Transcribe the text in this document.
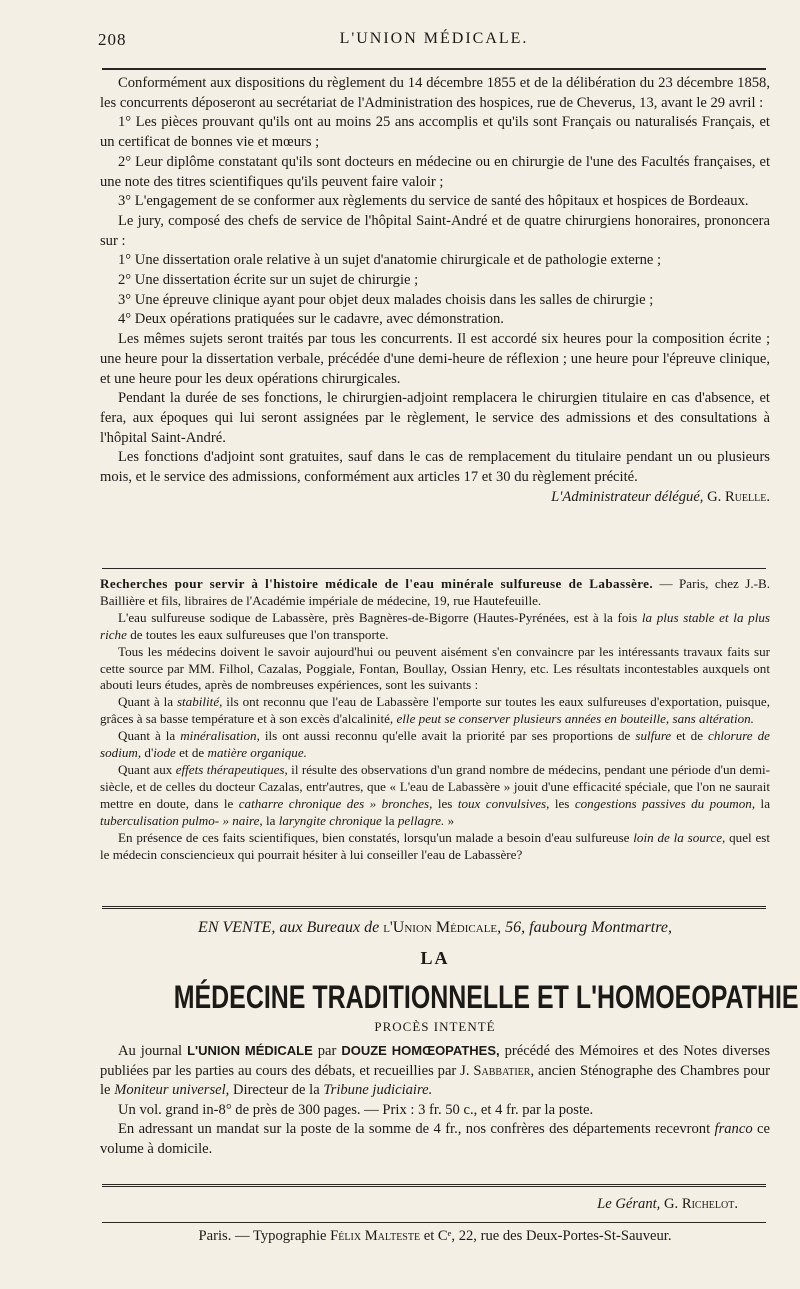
208	L'UNION MÉDICALE.

Conformément aux dispositions du règlement du 14 décembre 1855 et de la délibération du 23 décembre 1858, les concurrents déposeront au secrétariat de l'Administration des hospices, rue de Cheverus, 13, avant le 29 avril :

1° Les pièces prouvant qu'ils ont au moins 25 ans accomplis et qu'ils sont Français ou naturalisés Français, et un certificat de bonnes vie et mœurs ;

2° Leur diplôme constatant qu'ils sont docteurs en médecine ou en chirurgie de l'une des Facultés françaises, et une note des titres scientifiques qu'ils peuvent faire valoir ;

3° L'engagement de se conformer aux règlements du service de santé des hôpitaux et hospices de Bordeaux.

Le jury, composé des chefs de service de l'hôpital Saint-André et de quatre chirurgiens honoraires, prononcera sur :

1° Une dissertation orale relative à un sujet d'anatomie chirurgicale et de pathologie externe ;

2° Une dissertation écrite sur un sujet de chirurgie ;

3° Une épreuve clinique ayant pour objet deux malades choisis dans les salles de chirurgie ;

4° Deux opérations pratiquées sur le cadavre, avec démonstration.

Les mêmes sujets seront traités par tous les concurrents. Il est accordé six heures pour la composition écrite ; une heure pour la dissertation verbale, précédée d'une demi-heure de réflexion ; une heure pour l'épreuve clinique, et une heure pour les deux opérations chirurgicales.

Pendant la durée de ses fonctions, le chirurgien-adjoint remplacera le chirurgien titulaire en cas d'absence, et fera, aux époques qui lui seront assignées par le règlement, le service des admissions et des consultations à l'hôpital Saint-André.

Les fonctions d'adjoint sont gratuites, sauf dans le cas de remplacement du titulaire pendant un ou plusieurs mois, et le service des admissions, conformément aux articles 17 et 30 du règlement précité.

L'Administrateur délégué, G. Ruelle.

Recherches pour servir à l'histoire médicale de l'eau minérale sulfureuse de Labassère. — Paris, chez J.-B. Baillière et fils, libraires de l'Académie impériale de médecine, 19, rue Hautefeuille.

L'eau sulfureuse sodique de Labassère, près Bagnères-de-Bigorre (Hautes-Pyrénées, est à la fois la plus stable et la plus riche de toutes les eaux sulfureuses que l'on transporte.

Tous les médecins doivent le savoir aujourd'hui ou peuvent aisément s'en convaincre par les intéressants travaux faits sur cette source par MM. Filhol, Cazalas, Poggiale, Fontan, Boullay, Ossian Henry, etc. Les résultats incontestables auxquels ont abouti leurs études, après de nombreuses expériences, sont les suivants :

Quant à la stabilité, ils ont reconnu que l'eau de Labassère l'emporte sur toutes les eaux sulfureuses d'exportation, puisque, grâces à sa basse température et à son excès d'alcalinité, elle peut se conserver plusieurs années en bouteille, sans altération.

Quant à la minéralisation, ils ont aussi reconnu qu'elle avait la priorité par ses proportions de sulfure et de chlorure de sodium, d'iode et de matière organique.

Quant aux effets thérapeutiques, il résulte des observations d'un grand nombre de médecins, pendant une période d'un demi-siècle, et de celles du docteur Cazalas, entr'autres, que « L'eau de Labassère » jouit d'une efficacité spéciale, que l'on ne saurait mettre en doute, dans le catharre chronique des » bronches, les toux convulsives, les congestions passives du poumon, la tuberculisation pulmo- » naire, la laryngite chronique la pellagre. »

En présence de ces faits scientifiques, bien constatés, lorsqu'un malade a besoin d'eau sulfureuse loin de la source, quel est le médecin consciencieux qui pourrait hésiter à lui conseiller l'eau de Labassère?

EN VENTE, aux Bureaux de l'Union Médicale, 56, faubourg Montmartre,
LA
MÉDECINE TRADITIONNELLE ET L'HOMOEOPATHIE
PROCÈS INTENTÉ

Au journal L'UNION MÉDICALE par DOUZE HOMŒOPATHES, précédé des Mémoires et des Notes diverses publiées par les parties au cours des débats, et recueillies par J. Sabbatier, ancien Sténographe des Chambres pour le Moniteur universel, Directeur de la Tribune judiciaire.

Un vol. grand in-8° de près de 300 pages. — Prix : 3 fr. 50 c., et 4 fr. par la poste.

En adressant un mandat sur la poste de la somme de 4 fr., nos confrères des départements recevront franco ce volume à domicile.

Le Gérant, G. Richelot.
Paris. — Typographie Félix Malteste et Cᵉ, 22, rue des Deux-Portes-St-Sauveur.
